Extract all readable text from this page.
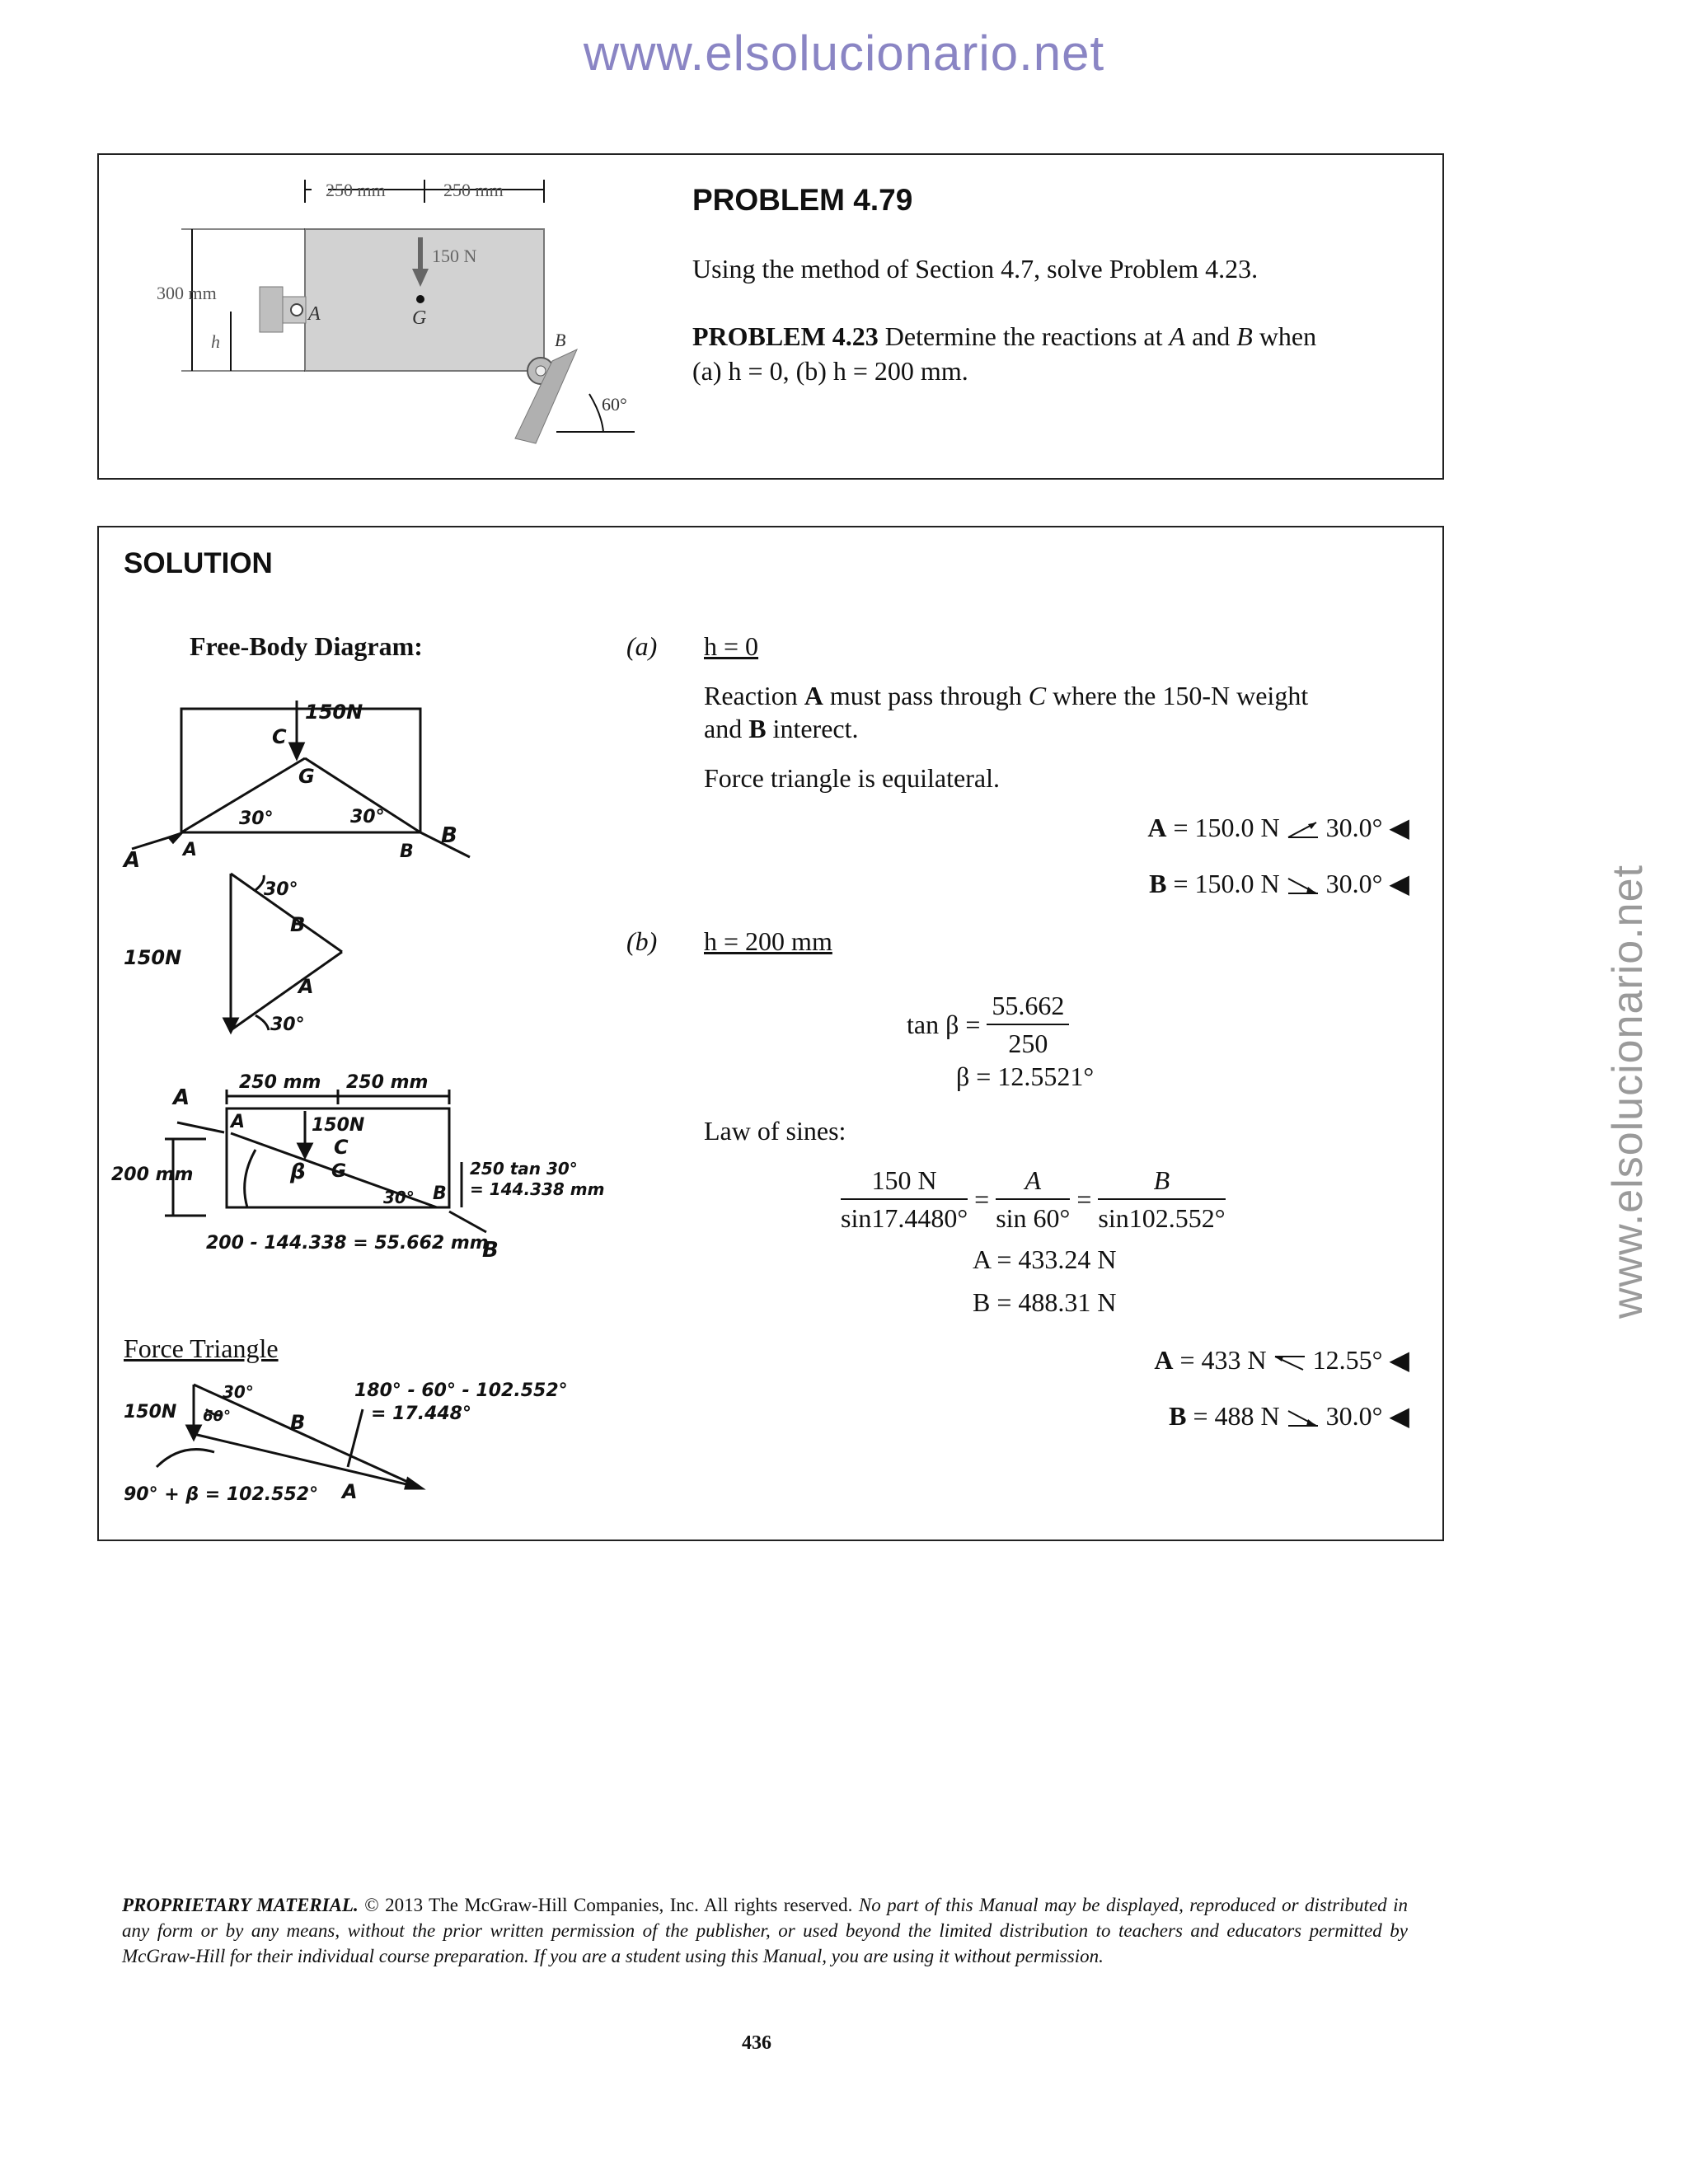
www.elsolucionario.net
www.elsolucionario.net
250 mm	250 mm
A
150 N
G
300 mm
h	B
60°
PROBLEM 4.79
Using the method of Section 4.7, solve Problem 4.23.
PROBLEM 4.23 Determine the reactions at A and B when
(a) h = 0, (b) h = 200 mm.
SOLUTION
Free-Body Diagram:
150N
C
G
30°	30°
A A	B
B
30°
B
150N
A
30°
A
A
250 mm 250 mm
150N
C
G
β
30° B
B
200 mm	250 tan 30°
= 144.338 mm
200 - 144.338 = 55.662 mm
Force Triangle
150N
30°
60°	B
180° - 60° - 102.552°
= 17.448°
90° + β = 102.552° A
(a) h = 0
Reaction A must pass through C where the 150-N weight
and B interect.
Force triangle is equilateral.
A = 150.0 N 30.0° ◀
B = 150.0 N 30.0° ◀
(b) h = 200 mm
$\tan \beta = \frac{55.662}{250}$
β = 12.5521°
Law of sines:
$\frac{150 N}{\sin 17.4480^\circ} = \frac{A}{\sin 60^\circ} = \frac{B}{\sin 102.552^\circ}$
A = 433.24 N
B = 488.31 N
A = 433 N 12.55° ◀
B = 488 N 30.0° ◀
PROPRIETARY MATERIAL. © 2013 The McGraw-Hill Companies, Inc. All rights reserved. No part of this Manual may be displayed, reproduced or distributed in any form or by any means, without the prior written permission of the publisher, or used beyond the limited distribution to teachers and educators permitted by McGraw-Hill for their individual course preparation. If you are a student using this Manual, you are using it without permission.
436
